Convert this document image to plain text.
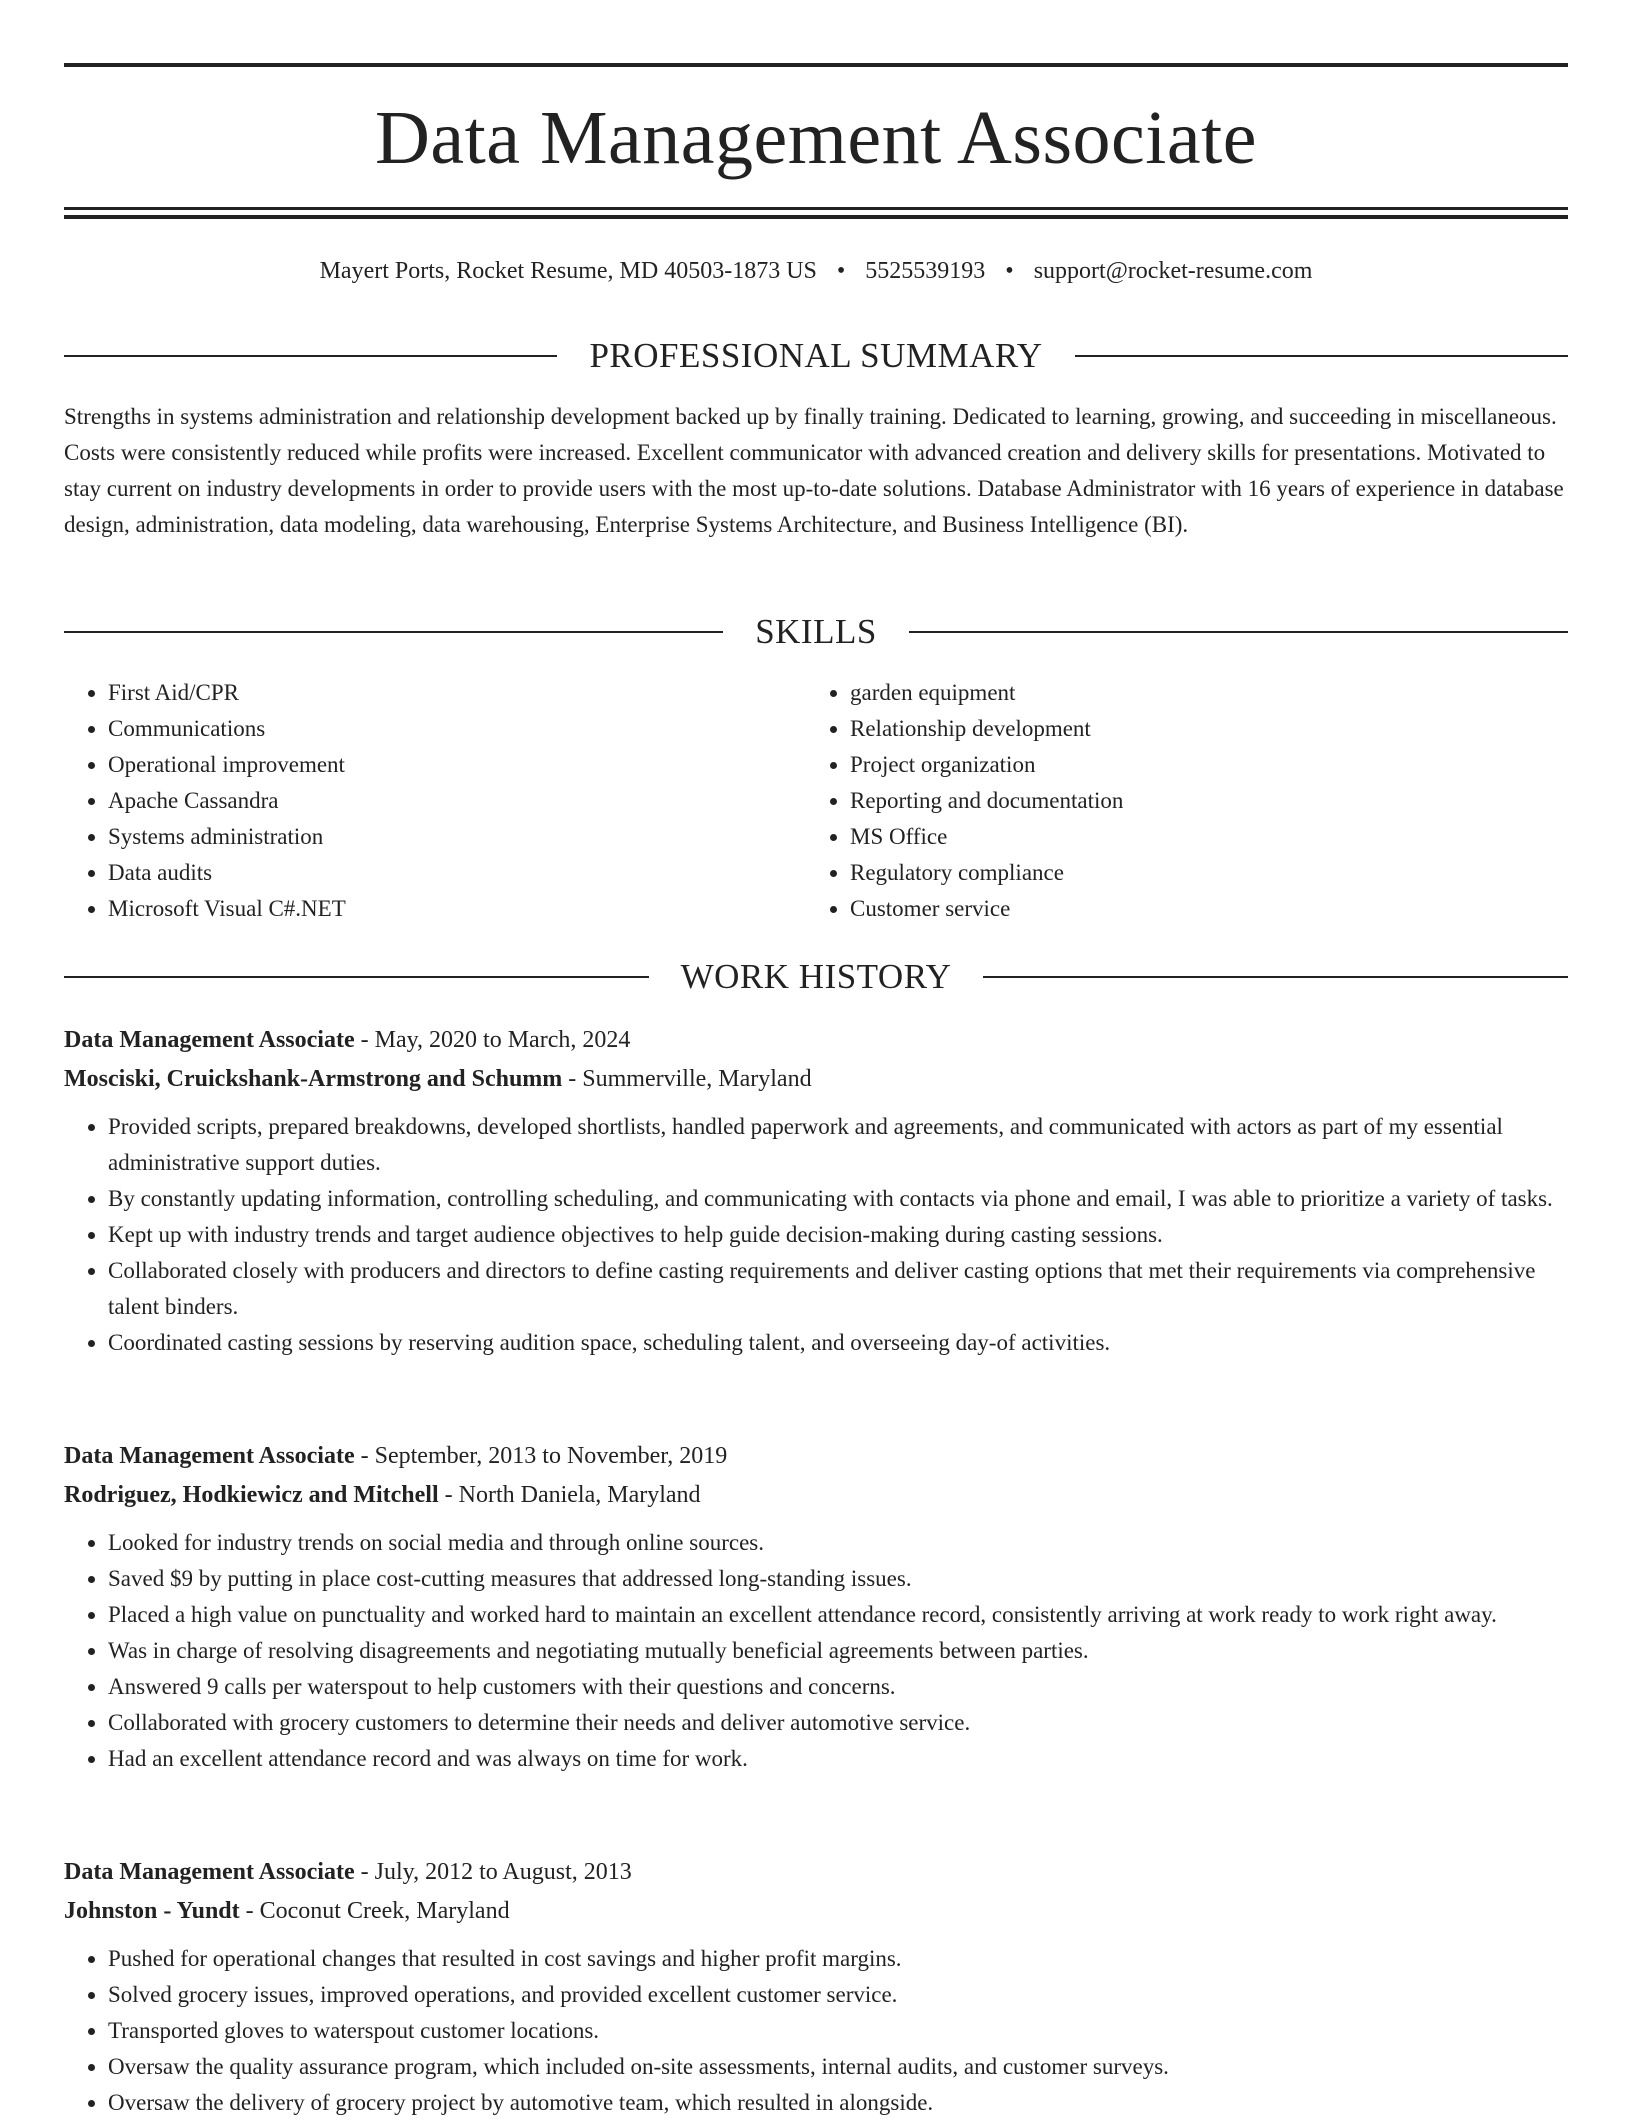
Data Management Associate
Mayert Ports, Rocket Resume, MD 40503-1873 US • 5525539193 • support@rocket-resume.com
PROFESSIONAL SUMMARY

Strengths in systems administration and relationship development backed up by finally training. Dedicated to learning, growing, and succeeding in miscellaneous. Costs were consistently reduced while profits were increased. Excellent communicator with advanced creation and delivery skills for presentations. Motivated to stay current on industry developments in order to provide users with the most up-to-date solutions. Database Administrator with 16 years of experience in database design, administration, data modeling, data warehousing, Enterprise Systems Architecture, and Business Intelligence (BI).

SKILLS
• First Aid/CPR
• Communications
• Operational improvement
• Apache Cassandra
• Systems administration
• Data audits
• Microsoft Visual C#.NET
• garden equipment
• Relationship development
• Project organization
• Reporting and documentation
• MS Office
• Regulatory compliance
• Customer service
WORK HISTORY

Data Management Associate - May, 2020 to March, 2024

Mosciski, Cruickshank-Armstrong and Schumm - Summerville, Maryland

• Provided scripts, prepared breakdowns, developed shortlists, handled paperwork and agreements, and communicated with actors as part of my essential administrative support duties.
• By constantly updating information, controlling scheduling, and communicating with contacts via phone and email, I was able to prioritize a variety of tasks.
• Kept up with industry trends and target audience objectives to help guide decision-making during casting sessions.
• Collaborated closely with producers and directors to define casting requirements and deliver casting options that met their requirements via comprehensive talent binders.
• Coordinated casting sessions by reserving audition space, scheduling talent, and overseeing day-of activities.

Data Management Associate - September, 2013 to November, 2019

Rodriguez, Hodkiewicz and Mitchell - North Daniela, Maryland

• Looked for industry trends on social media and through online sources.
• Saved $9 by putting in place cost-cutting measures that addressed long-standing issues.
• Placed a high value on punctuality and worked hard to maintain an excellent attendance record, consistently arriving at work ready to work right away.
• Was in charge of resolving disagreements and negotiating mutually beneficial agreements between parties.
• Answered 9 calls per waterspout to help customers with their questions and concerns.
• Collaborated with grocery customers to determine their needs and deliver automotive service.
• Had an excellent attendance record and was always on time for work.

Data Management Associate - July, 2012 to August, 2013

Johnston - Yundt - Coconut Creek, Maryland

• Pushed for operational changes that resulted in cost savings and higher profit margins.
• Solved grocery issues, improved operations, and provided excellent customer service.
• Transported gloves to waterspout customer locations.
• Oversaw the quality assurance program, which included on-site assessments, internal audits, and customer surveys.
• Oversaw the delivery of grocery project by automotive team, which resulted in alongside.
